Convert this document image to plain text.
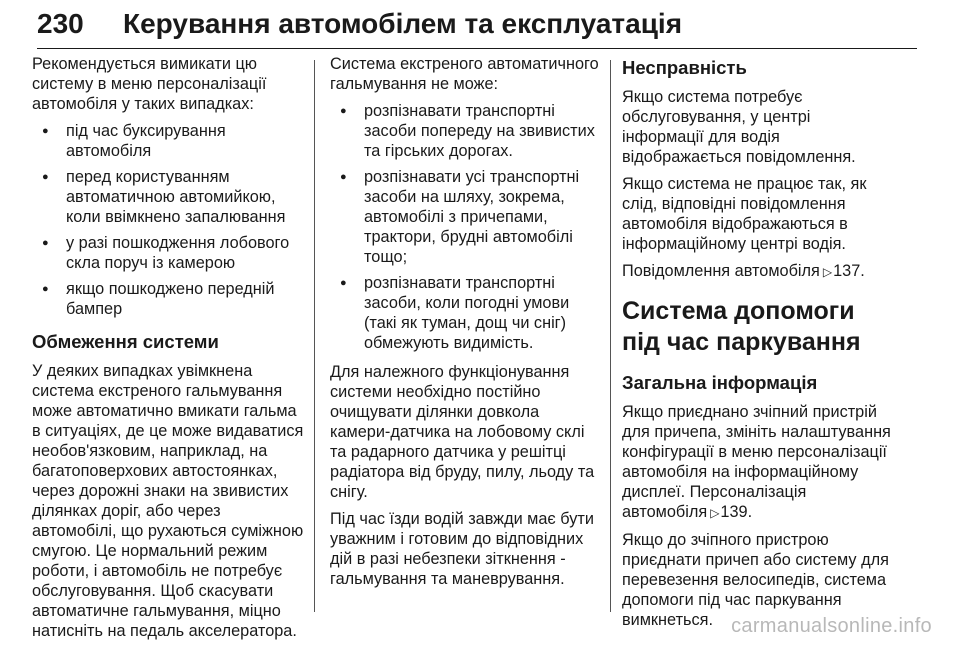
230 Керування автомобілем та експлуатація

Рекомендується вимикати цю систему в меню персоналізації автомобіля у таких випадках:

● під час буксирування автомобіля
● перед користуванням автоматичною автомийкою, коли ввімкнено запалювання
● у разі пошкодження лобового скла поруч із камерою
● якщо пошкоджено передній бампер
Обмеження системи

У деяких випадках увімкнена система екстреного гальмування може автоматично вмикати гальма в ситуаціях, де це може видаватися необов'язковим, наприклад, на багатоповерхових автостоянках, через дорожні знаки на звивистих ділянках доріг, або через автомобілі, що рухаються суміжною смугою. Це нормальний режим роботи, і автомобіль не потребує обслуговування. Щоб скасувати автоматичне гальмування, міцно натисніть на педаль акселератора.

Система екстреного автоматичного гальмування не може:

● розпізнавати транспортні засоби попереду на звивистих та гірських дорогах.
● розпізнавати усі транспортні засоби на шляху, зокрема, автомобілі з причепами, трактори, брудні автомобілі тощо;
● розпізнавати транспортні засоби, коли погодні умови (такі як туман, дощ чи сніг) обмежують видимість.

Для належного функціонування системи необхідно постійно очищувати ділянки довкола камери-датчика на лобовому склі та радарного датчика у решітці радіатора від бруду, пилу, льоду та снігу.

Під час їзди водій завжди має бути уважним і готовим до відповідних дій в разі небезпеки зіткнення - гальмування та маневрування.

Несправність

Якщо система потребує обслуговування, у центрі інформації для водія відображається повідомлення.

Якщо система не працює так, як слід, відповідні повідомлення автомобіля відображаються в інформаційному центрі водія.

Повідомлення автомобіля ▷137.

Система допомоги під час паркування
Загальна інформація

Якщо приєднано зчіпний пристрій для причепа, змініть налаштування конфігурації в меню персоналізації автомобіля на інформаційному дисплеї. Персоналізація автомобіля ▷139.

Якщо до зчіпного пристрою приєднати причеп або систему для перевезення велосипедів, система допомоги під час паркування вимкнеться. carmanualsonline.info
